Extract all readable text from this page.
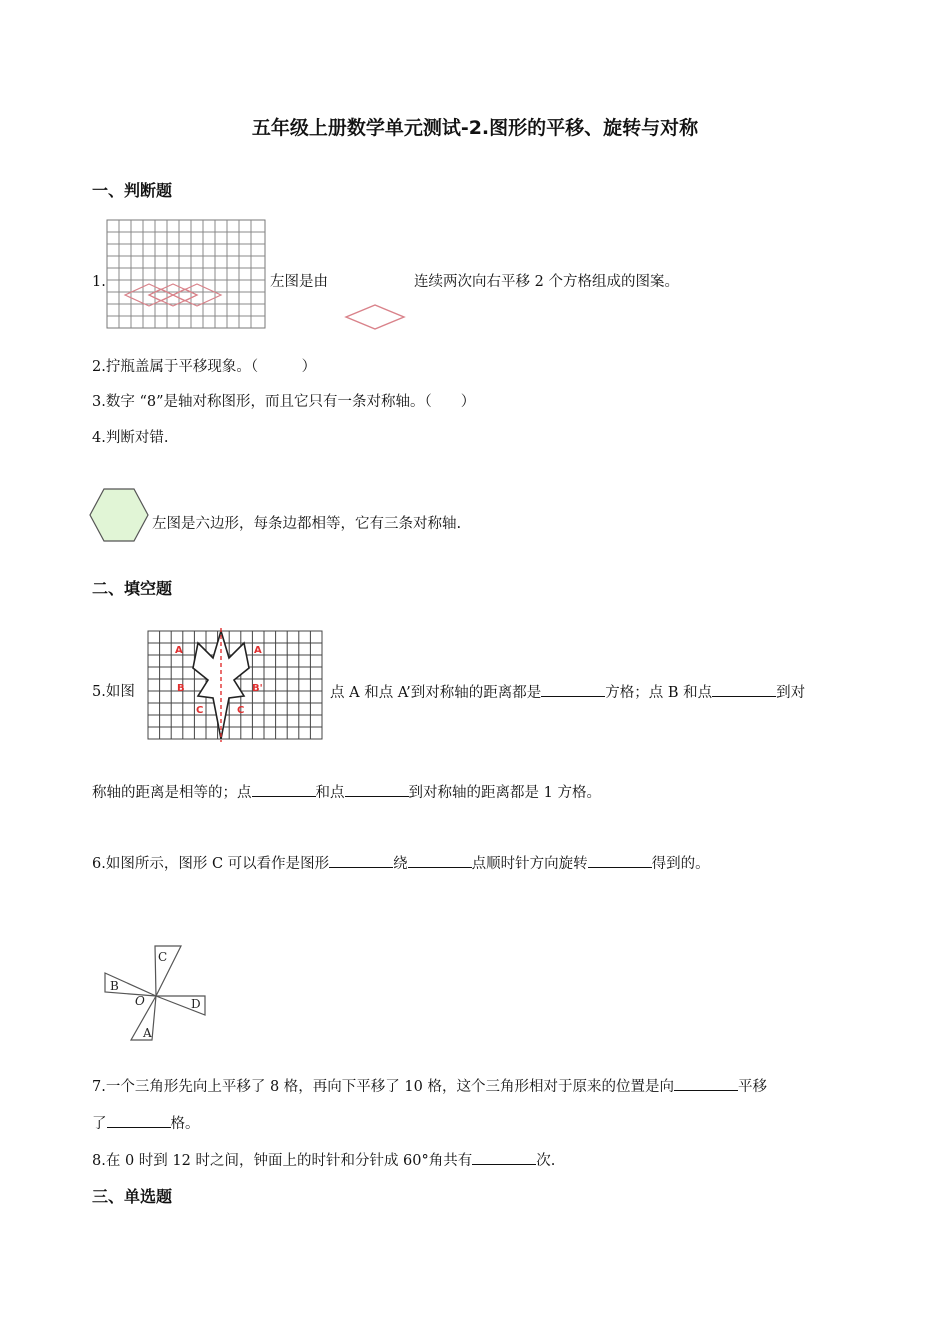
五年级上册数学单元测试-2.图形的平移、旋转与对称
一、判断题
1.	左图是由	连续两次向右平移 2 个方格组成的图案。
2.拧瓶盖属于平移现象。（　　　）
3.数字 “8”是轴对称图形，而且它只有一条对称轴。（　　）
4.判断对错.
左图是六边形，每条边都相等，它有三条对称轴.
二、填空题
5.如图
A	A
B	B'
C	C
点 A 和点 A’到对称轴的距离都是	方格；点 B 和点	到对
称轴的距离是相等的；点	和点	到对称轴的距离都是 1 方格。
6.如图所示，图形 C 可以看作是图形	绕	点顺时针方向旋转	得到的。
C
B
O	D
A
7.一个三角形先向上平移了 8 格，再向下平移了 10 格，这个三角形相对于原来的位置是向	平移
了	格。
8.在 0 时到 12 时之间，钟面上的时针和分针成 60°角共有	次.
三、单选题
